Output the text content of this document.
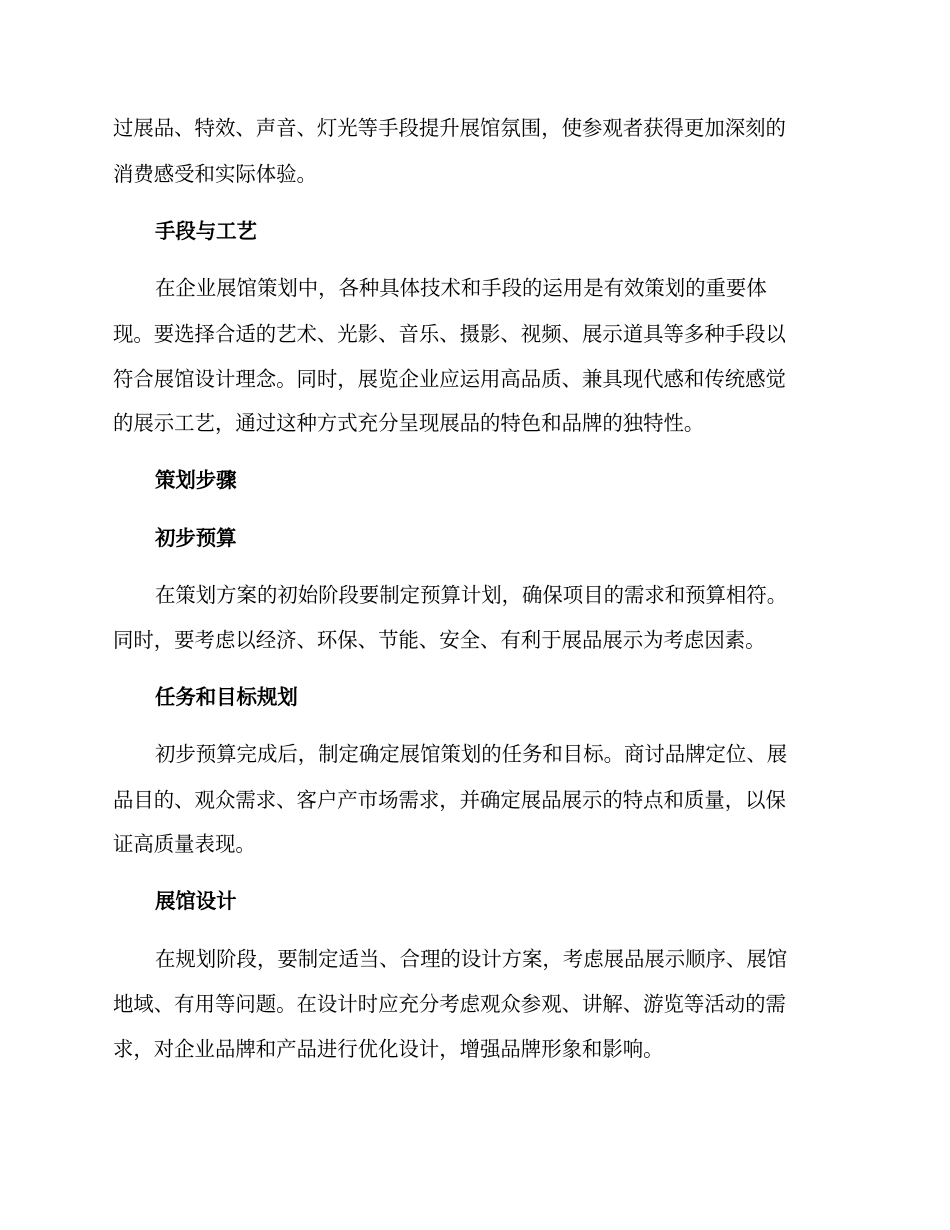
过展品、特效、声音、灯光等手段提升展馆氛围，使参观者获得更加深刻的
消费感受和实际体验。
手段与工艺
在企业展馆策划中，各种具体技术和手段的运用是有效策划的重要体
现。要选择合适的艺术、光影、音乐、摄影、视频、展示道具等多种手段以
符合展馆设计理念。同时，展览企业应运用高品质、兼具现代感和传统感觉
的展示工艺，通过这种方式充分呈现展品的特色和品牌的独特性。
策划步骤
初步预算
在策划方案的初始阶段要制定预算计划，确保项目的需求和预算相符。
同时，要考虑以经济、环保、节能、安全、有利于展品展示为考虑因素。
任务和目标规划
初步预算完成后，制定确定展馆策划的任务和目标。商讨品牌定位、展
品目的、观众需求、客户产市场需求，并确定展品展示的特点和质量，以保
证高质量表现。
展馆设计
在规划阶段，要制定适当、合理的设计方案，考虑展品展示顺序、展馆
地域、有用等问题。在设计时应充分考虑观众参观、讲解、游览等活动的需
求，对企业品牌和产品进行优化设计，增强品牌形象和影响。
